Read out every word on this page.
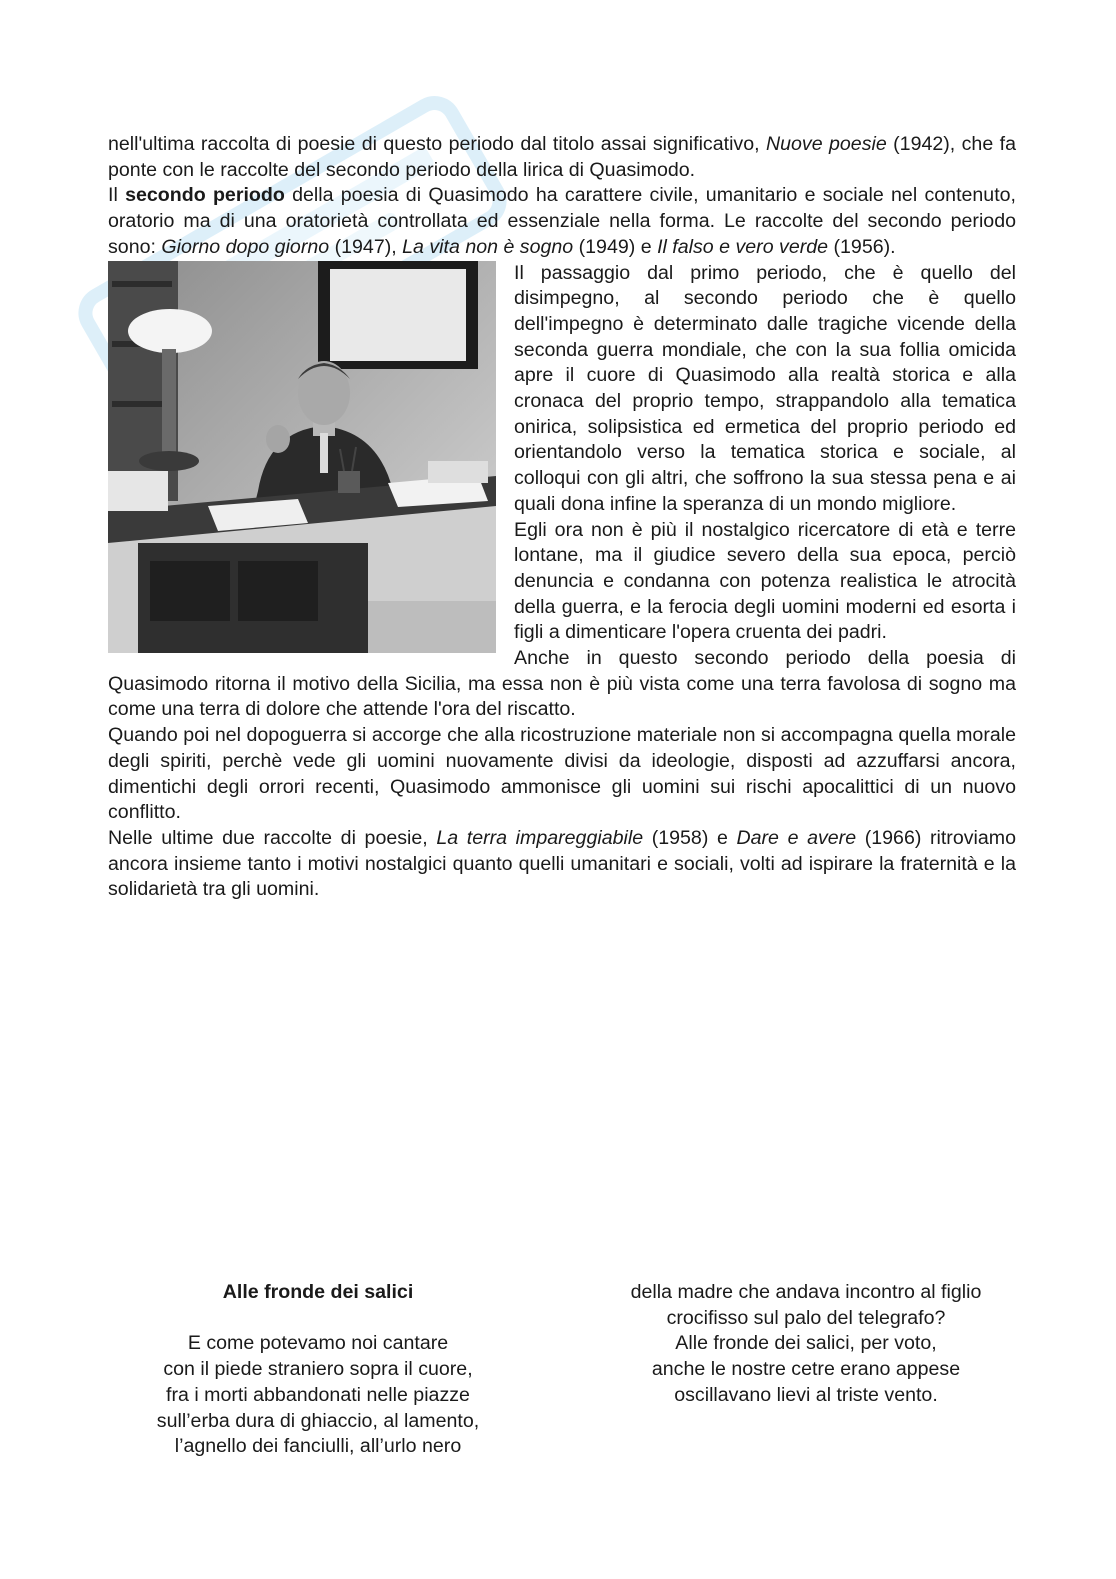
nell'ultima raccolta di poesie di questo periodo dal titolo assai significativo, Nuove poesie (1942), che fa ponte con le raccolte del secondo periodo della lirica di Quasimodo.

Il secondo periodo della poesia di Quasimodo ha carattere civile, umanitario e sociale nel contenuto, oratorio ma di una oratorietà controllata ed essenziale nella forma. Le raccolte del secondo periodo sono: Giorno dopo giorno (1947), La vita non è sogno (1949) e Il falso e vero verde (1956).

Il passaggio dal primo periodo, che è quello del disimpegno, al secondo periodo che è quello dell'impegno è determinato dalle tragiche vicende della seconda guerra mondiale, che con la sua follia omicida apre il cuore di Quasimodo alla realtà storica e alla cronaca del proprio tempo, strappandolo alla tematica onirica, solipsistica ed ermetica del proprio periodo ed orientandolo verso la tematica storica e sociale, al colloqui con gli altri, che soffrono la sua stessa pena e ai quali dona infine la speranza di un mondo migliore.

Egli ora non è più il nostalgico ricercatore di età e terre lontane, ma il giudice severo della sua epoca, perciò denuncia e condanna con potenza realistica le atrocità della guerra, e la ferocia degli uomini moderni ed esorta i figli a dimenticare l'opera cruenta dei padri.

Anche in questo secondo periodo della poesia di Quasimodo ritorna il motivo della Sicilia, ma essa non è più vista come una terra favolosa di sogno ma come una terra di dolore che attende l'ora del riscatto.

Quando poi nel dopoguerra si accorge che alla ricostruzione materiale non si accompagna quella morale degli spiriti, perchè vede gli uomini nuovamente divisi da ideologie, disposti ad azzuffarsi ancora, dimentichi degli orrori recenti, Quasimodo ammonisce gli uomini sui rischi apocalittici di un nuovo conflitto.

Nelle ultime due raccolte di poesie, La terra impareggiabile (1958) e Dare e avere (1966) ritroviamo ancora insieme tanto i motivi nostalgici quanto quelli umanitari e sociali, volti ad ispirare la fraternità e la solidarietà tra gli uomini.

Alle fronde dei salici
E come potevamo noi cantare
con il piede straniero sopra il cuore,
fra i morti abbandonati nelle piazze
sull’erba dura di ghiaccio, al lamento,
l’agnello dei fanciulli, all’urlo nero
della madre che andava incontro al figlio
crocifisso sul palo del telegrafo?
Alle fronde dei salici, per voto,
anche le nostre cetre erano appese
oscillavano lievi al triste vento.
